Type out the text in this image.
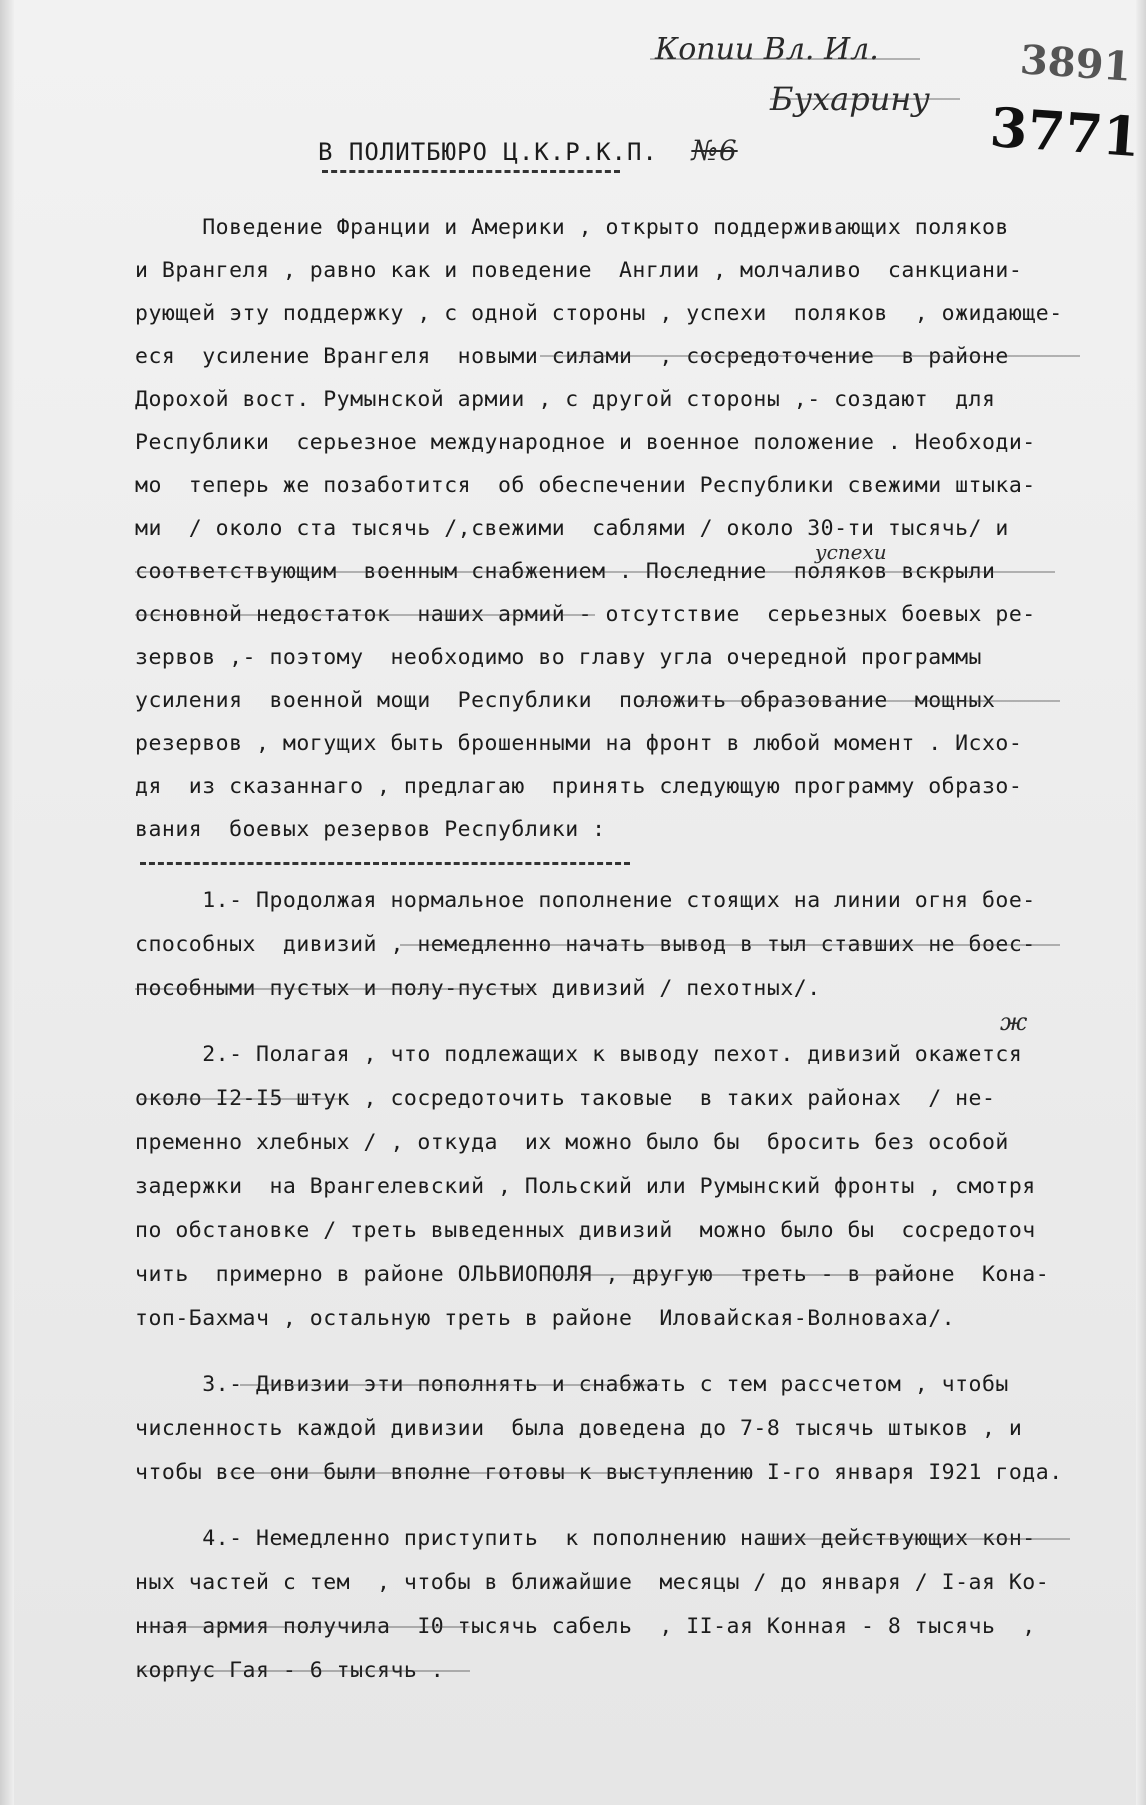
Копии Вл. Ил.
Бухарину
3891
3771
В ПОЛИТБЮРО Ц.К.Р.К.П. №6
успехи
ж
Поведение Франции и Америки , открыто поддерживающих поляков
и Врангеля , равно как и поведение  Англии , молчаливо  санкциани-
рующей эту поддержку , с одной стороны , успехи  поляков  , ожидающе-
еся  усиление Врангеля  новыми силами  , сосредоточение  в районе
Дорохой вост. Румынской армии , с другой стороны ,- создают  для
Республики  серьезное международное и военное положение . Необходи-
мо  теперь же позаботится  об обеспечении Республики свежими штыка-
ми  / около ста тысячь /,свежими  саблями / около 30-ти тысячь/ и
соответствующим  военным снабжением . Последние  поляков вскрыли
основной недостаток  наших армий - отсутствие  серьезных боевых ре-
зервов ,- поэтому  необходимо во главу угла очередной программы
усиления  военной мощи  Республики  положить образование  мощных
резервов , могущих быть брошенными на фронт в любой момент . Исхо-
дя  из сказаннаго , предлагаю  принять следующую программу образо-
вания  боевых резервов Республики :
1.- Продолжая нормальное пополнение стоящих на линии огня бое-
способных  дивизий , немедленно начать вывод в тыл ставших не боес-
пособными пустых и полу-пустых дивизий / пехотных/.
2.- Полагая , что подлежащих к выводу пехот. дивизий окажется
около I2-I5 штук , сосредоточить таковые  в таких районах  / не-
пременно хлебных / , откуда  их можно было бы  бросить без особой
задержки  на Врангелевский , Польский или Румынский фронты , смотря
по обстановке / треть выведенных дивизий  можно было бы  сосредоточ
чить  примерно в районе ОЛЬВИОПОЛЯ , другую  треть - в районе  Кона-
топ-Бахмач , остальную треть в районе  Иловайская-Волноваха/.
3.- Дивизии эти пополнять и снабжать с тем рассчетом , чтобы
численность каждой дивизии  была доведена до 7-8 тысячь штыков , и
чтобы все они были вполне готовы к выступлению I-го января I921 года.
4.- Немедленно приступить  к пополнению наших действующих кон-
ных частей с тем  , чтобы в ближайшие  месяцы / до января / I-ая Ко-
нная армия получила  I0 тысячь сабель  , II-ая Конная - 8 тысячь  ,
корпус Гая - 6 тысячь .
